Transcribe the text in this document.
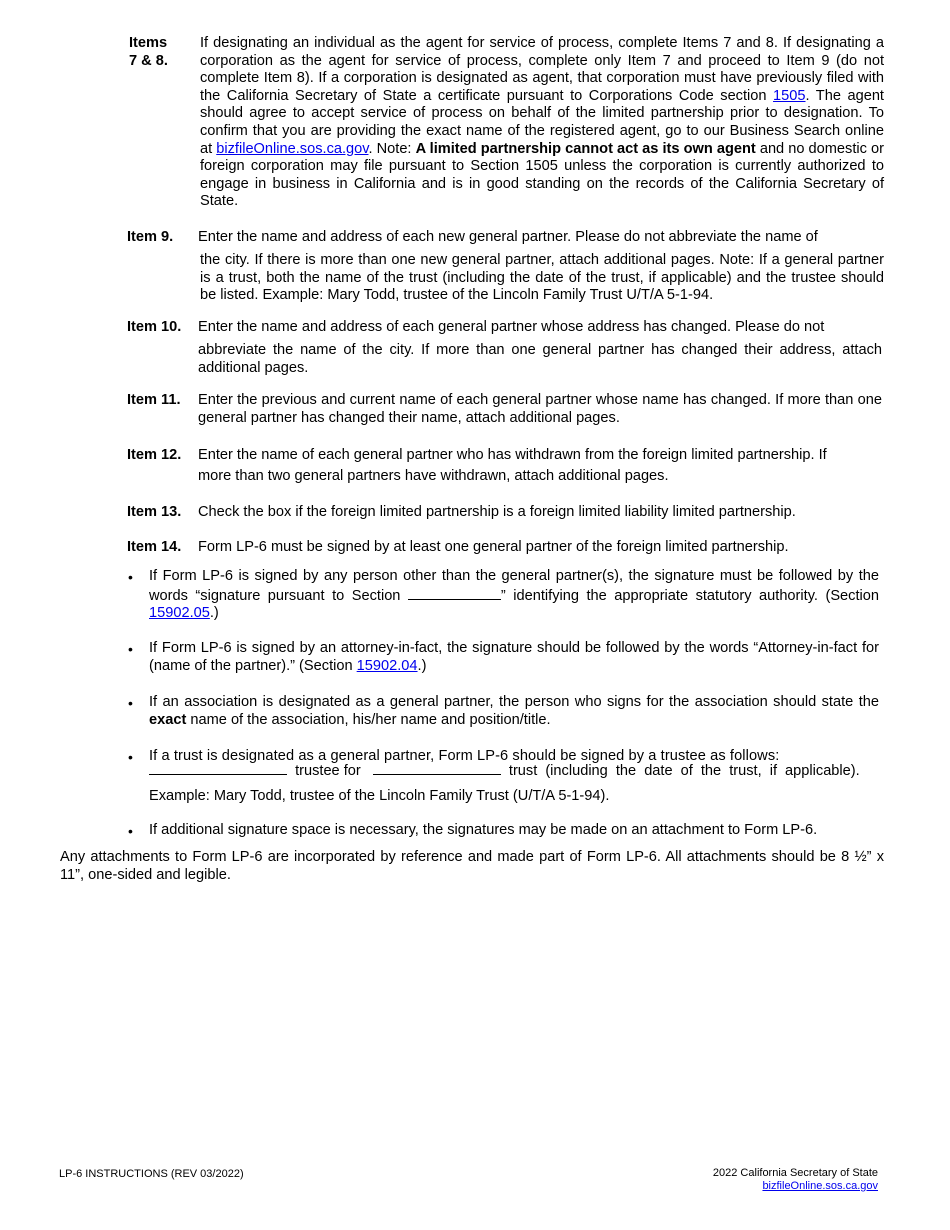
Items
7 & 8.
If designating an individual as the agent for service of process, complete Items 7 and 8. If designating a corporation as the agent for service of process, complete only Item 7 and proceed to Item 9 (do not complete Item 8). If a corporation is designated as agent, that corporation must have previously filed with the California Secretary of State a certificate pursuant to Corporations Code section 1505. The agent should agree to accept service of process on behalf of the limited partnership prior to designation. To confirm that you are providing the exact name of the registered agent, go to our Business Search online at bizfileOnline.sos.ca.gov. Note: A limited partnership cannot act as its own agent and no domestic or foreign corporation may file pursuant to Section 1505 unless the corporation is currently authorized to engage in business in California and is in good standing on the records of the California Secretary of State.
Item 9. Enter the name and address of each new general partner. Please do not abbreviate the name of
the city. If there is more than one new general partner, attach additional pages. Note: If a general partner is a trust, both the name of the trust (including the date of the trust, if applicable) and the trustee should be listed. Example: Mary Todd, trustee of the Lincoln Family Trust U/T/A 5-1-94.
Item 10. Enter the name and address of each general partner whose address has changed. Please do not
abbreviate the name of the city. If more than one general partner has changed their address, attach additional pages.
Item 11. Enter the previous and current name of each general partner whose name has changed. If more than one general partner has changed their name, attach additional pages.
Item 12. Enter the name of each general partner who has withdrawn from the foreign limited partnership. If
more than two general partners have withdrawn, attach additional pages.
Item 13. Check the box if the foreign limited partnership is a foreign limited liability limited partnership.
Item 14. Form LP-6 must be signed by at least one general partner of the foreign limited partnership.
• If Form LP-6 is signed by any person other than the general partner(s), the signature must be followed by the words “signature pursuant to Section	” identifying the appropriate statutory authority. (Section 15902.05.)
• If Form LP-6 is signed by an attorney-in-fact, the signature should be followed by the words “Attorney-in-fact for (name of the partner).” (Section 15902.04.)
• If an association is designated as a general partner, the person who signs for the association should state the exact name of the association, his/her name and position/title.
• If a trust is designated as a general partner, Form LP-6 should be signed by a trustee as follows:
trustee for	trust (including the date of the trust, if applicable).
Example: Mary Todd, trustee of the Lincoln Family Trust (U/T/A 5-1-94).
• If additional signature space is necessary, the signatures may be made on an attachment to Form LP-6.
Any attachments to Form LP-6 are incorporated by reference and made part of Form LP-6. All attachments should be 8 ½” x 11”, one-sided and legible.
LP-6 INSTRUCTIONS (REV 03/2022)	2022 California Secretary of State
bizfileOnline.sos.ca.gov
